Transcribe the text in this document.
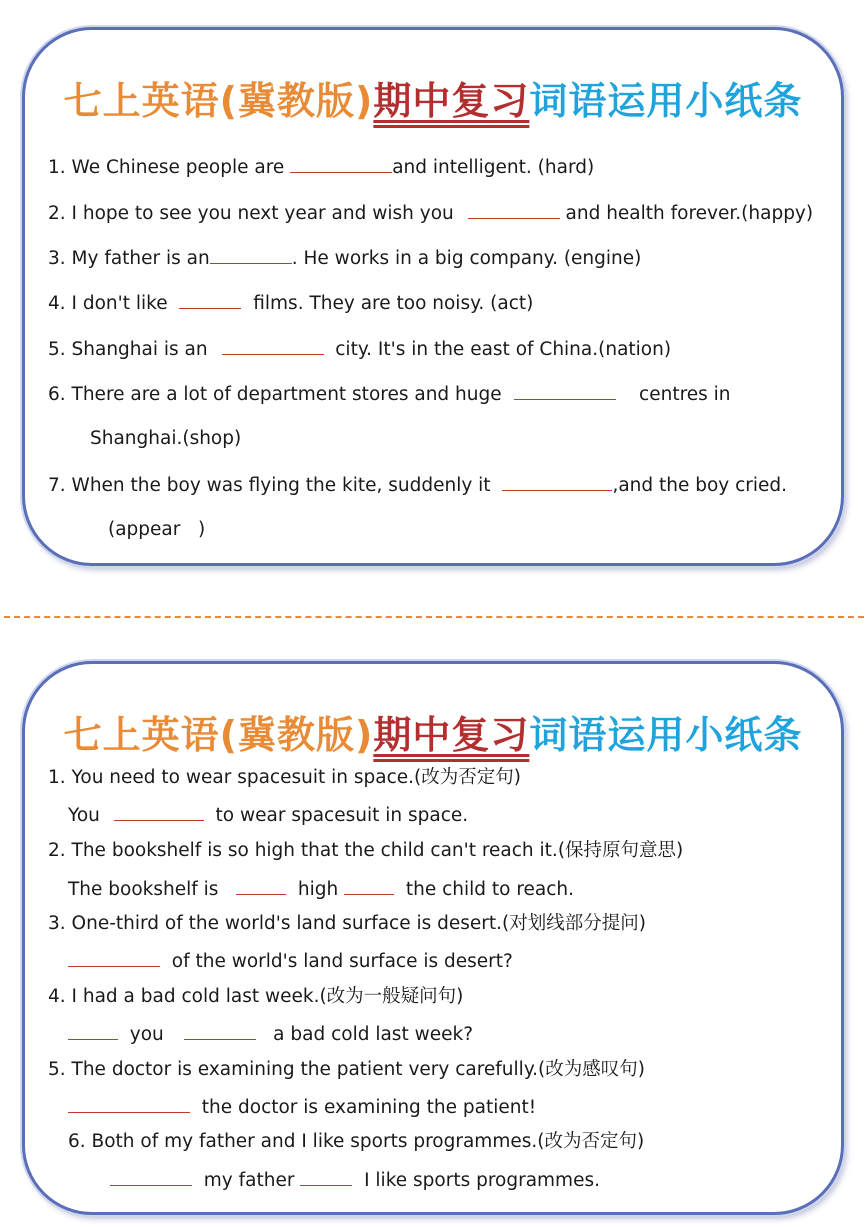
七上英语(冀教版)期中复习词语运用小纸条
1. We Chinese people are	and intelligent. (hard)
2. I hope to see you next year and wish you	and health forever.(happy)
3. My father is an	. He works in a big company. (engine)
4. I don't like	films. They are too noisy. (act)
5. Shanghai is an	city. It's in the east of China.(nation)
6. There are a lot of department stores and huge	centres in
Shanghai.(shop)
7. When the boy was flying the kite, suddenly it	,and the boy cried.
(appear   )
七上英语(冀教版)期中复习词语运用小纸条
1. You need to wear spacesuit in space.(改为否定句)
You	to wear spacesuit in space.
2. The bookshelf is so high that the child can't reach it.(保持原句意思)
The bookshelf is	high	the child to reach.
3. One-third of the world's land surface is desert.(对划线部分提问)
of the world's land surface is desert?
4. I had a bad cold last week.(改为一般疑问句)
you	a bad cold last week?
5. The doctor is examining the patient very carefully.(改为感叹句)
the doctor is examining the patient!
6. Both of my father and I like sports programmes.(改为否定句)
my father	I like sports programmes.
